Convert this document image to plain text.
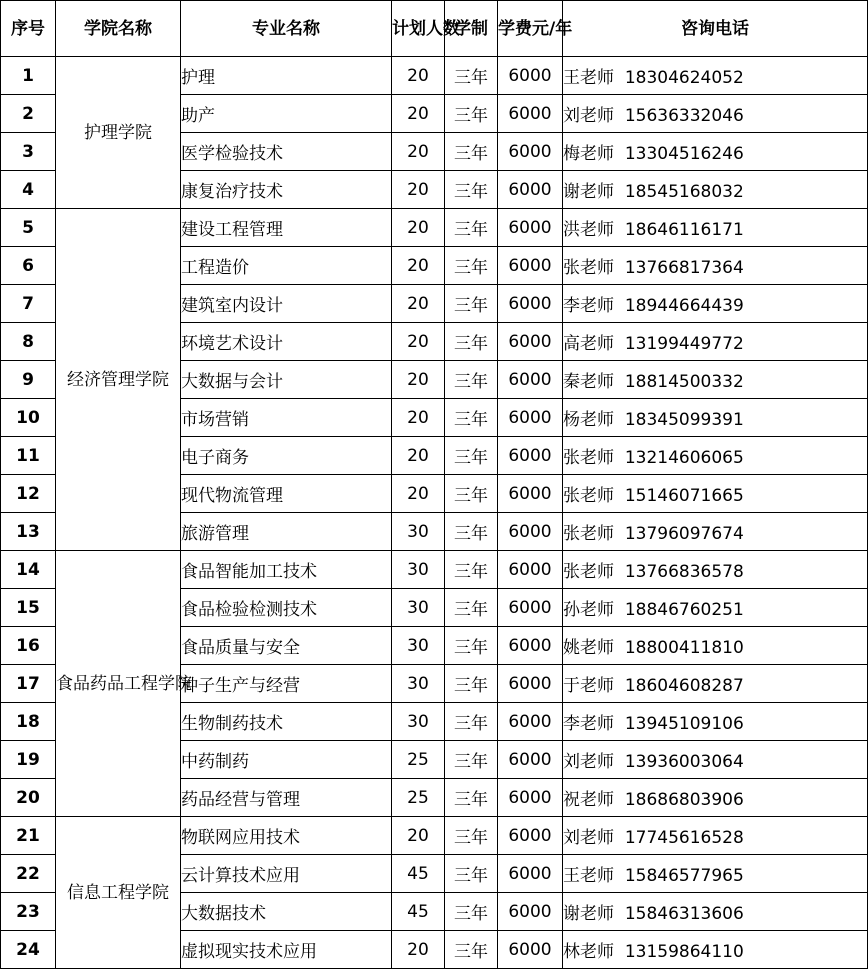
序号	学院名称	专业名称	计划人数	学制	学费元/年	咨询电话
1	护理学院	护理	20	三年	6000	王老师 18304624052
2		助产	20	三年	6000	刘老师 15636332046
3		医学检验技术	20	三年	6000	梅老师 13304516246
4		康复治疗技术	20	三年	6000	谢老师 18545168032
5	经济管理学院	建设工程管理	20	三年	6000	洪老师 18646116171
6		工程造价	20	三年	6000	张老师 13766817364
7		建筑室内设计	20	三年	6000	李老师 18944664439
8		环境艺术设计	20	三年	6000	高老师 13199449772
9		大数据与会计	20	三年	6000	秦老师 18814500332
10		市场营销	20	三年	6000	杨老师 18345099391
11		电子商务	20	三年	6000	张老师 13214606065
12		现代物流管理	20	三年	6000	张老师 15146071665
13		旅游管理	30	三年	6000	张老师 13796097674
14	食品药品工程学院	食品智能加工技术	30	三年	6000	张老师 13766836578
15		食品检验检测技术	30	三年	6000	孙老师 18846760251
16		食品质量与安全	30	三年	6000	姚老师 18800411810
17		种子生产与经营	30	三年	6000	于老师 18604608287
18		生物制药技术	30	三年	6000	李老师 13945109106
19		中药制药	25	三年	6000	刘老师 13936003064
20		药品经营与管理	25	三年	6000	祝老师 18686803906
21	信息工程学院	物联网应用技术	20	三年	6000	刘老师 17745616528
22		云计算技术应用	45	三年	6000	王老师 15846577965
23		大数据技术	45	三年	6000	谢老师 15846313606
24		虚拟现实技术应用	20	三年	6000	林老师 13159864110
